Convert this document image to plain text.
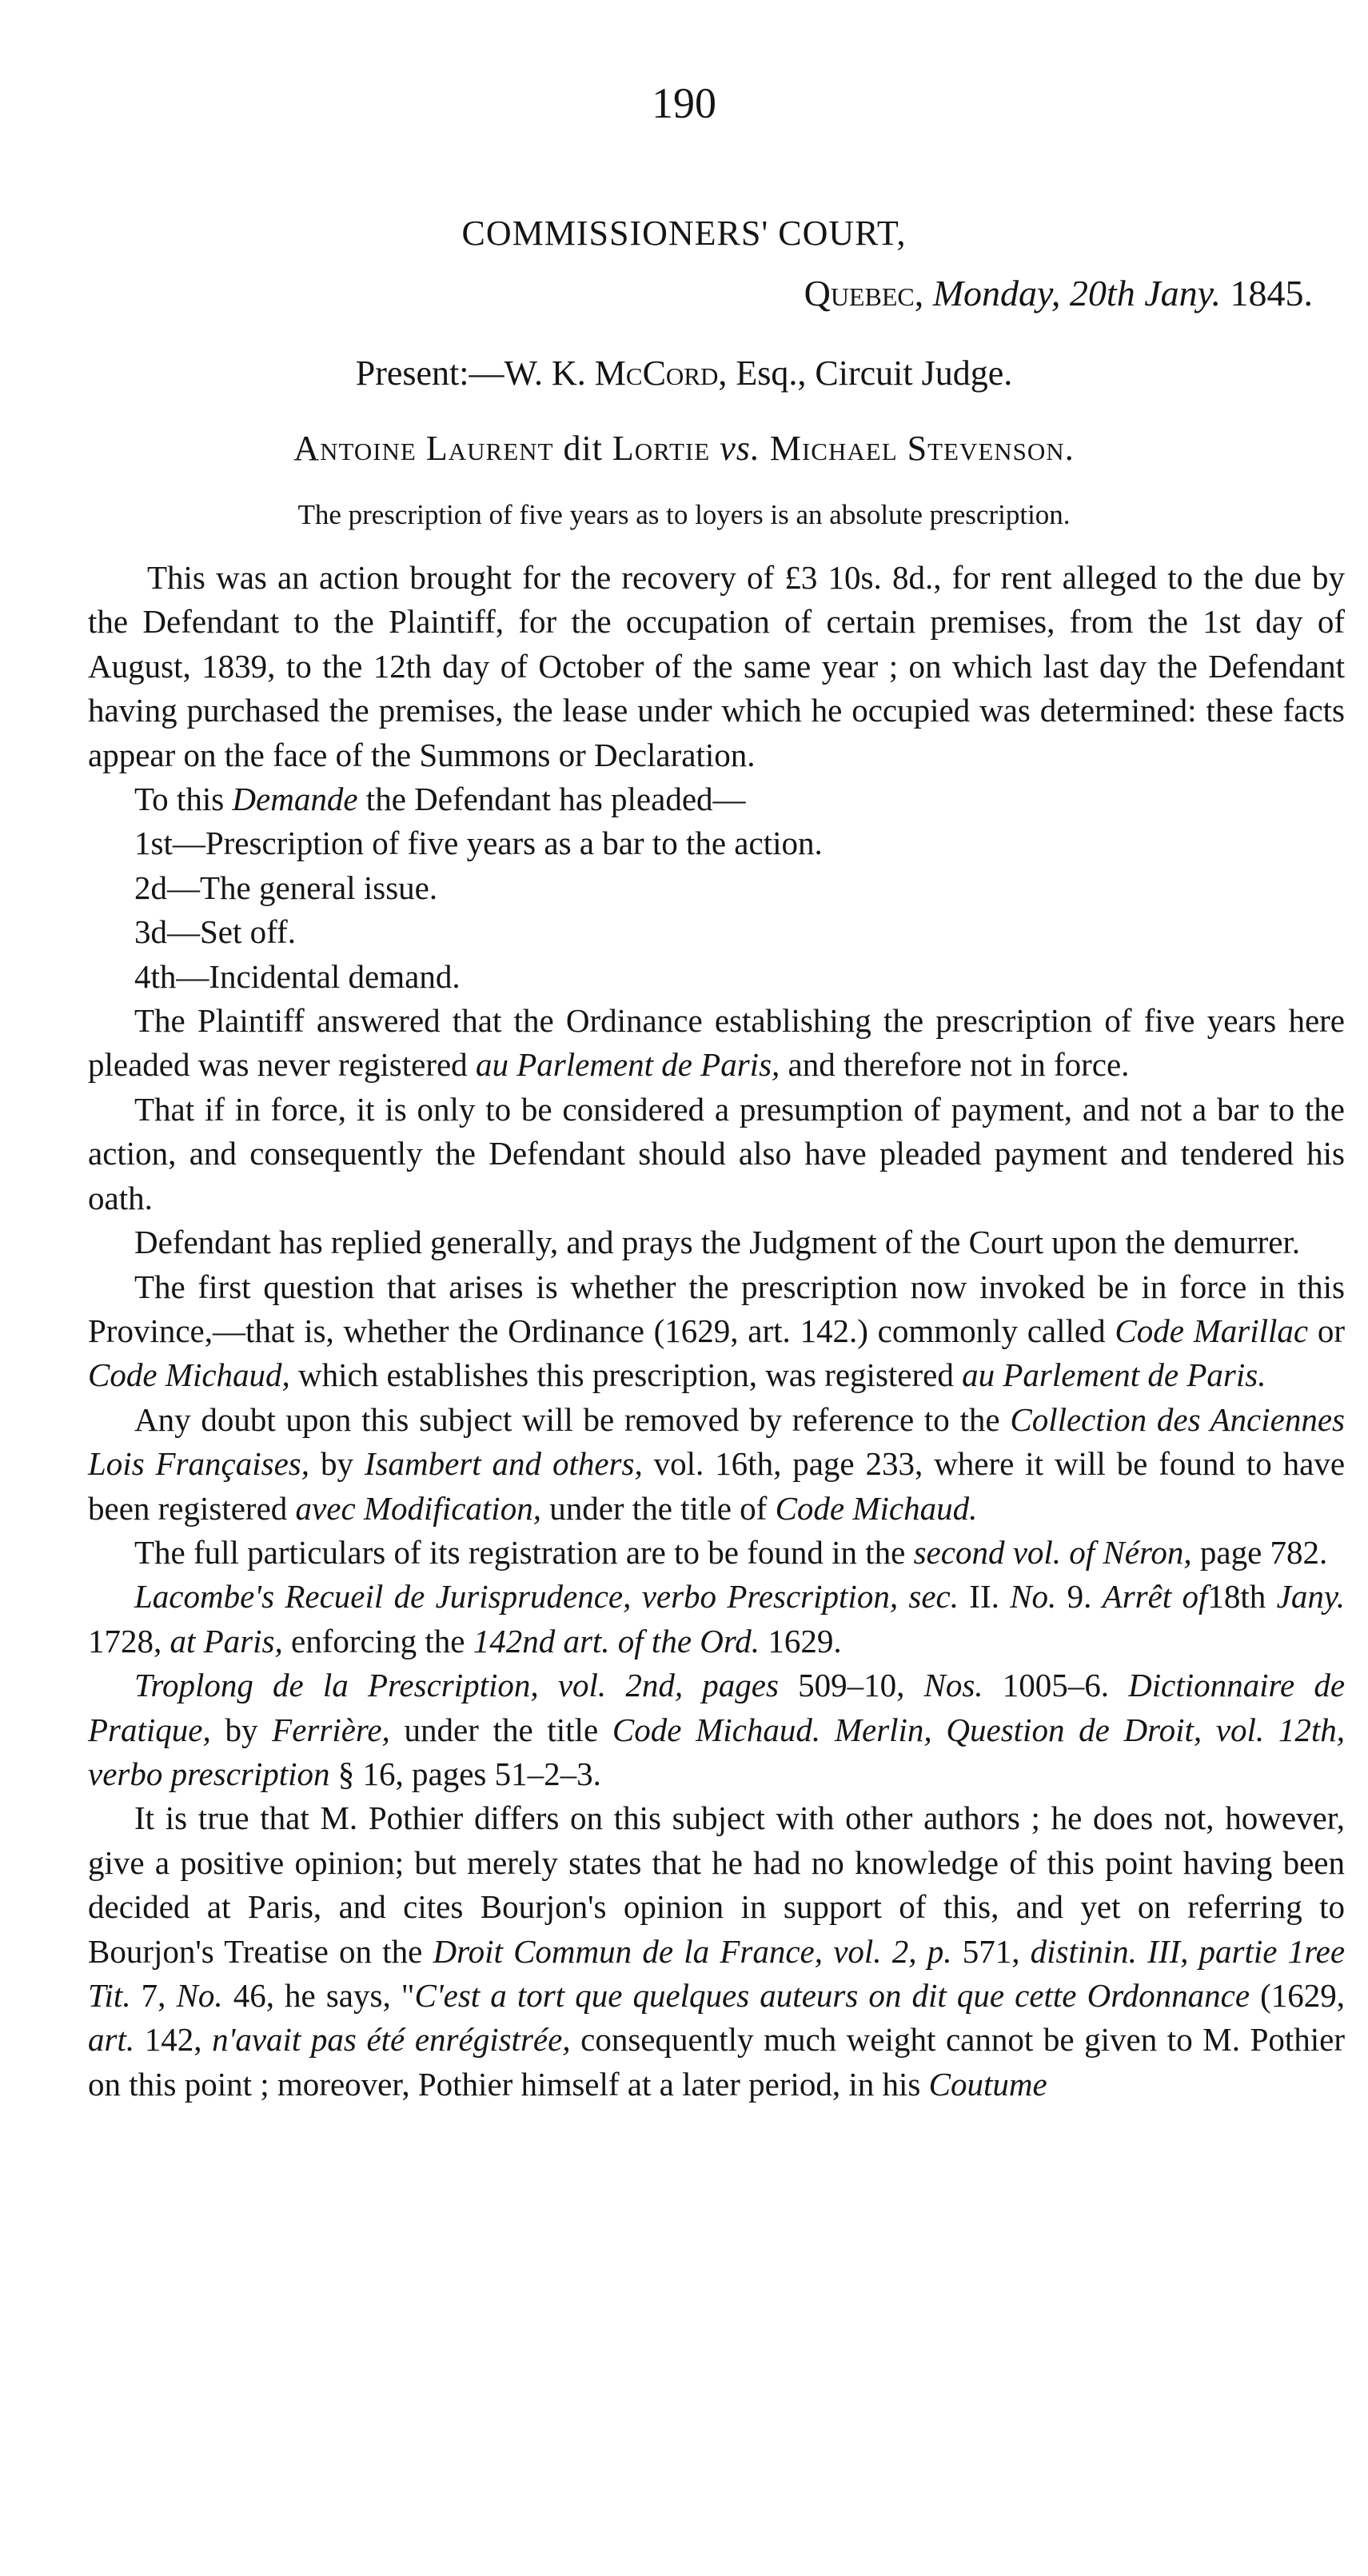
190
COMMISSIONERS' COURT,
Quebec, Monday, 20th Jany. 1845.
Present:—W. K. McCord, Esq., Circuit Judge.
Antoine Laurent dit Lortie vs. Michael Stevenson.
The prescription of five years as to loyers is an absolute prescription.

This was an action brought for the recovery of £3 10s. 8d., for rent alleged to the due by the Defendant to the Plaintiff, for the occupation of certain premises, from the 1st day of August, 1839, to the 12th day of October of the same year ; on which last day the Defendant having purchased the premises, the lease under which he occupied was determined: these facts appear on the face of the Summons or Declaration.

To this Demande the Defendant has pleaded—

1st—Prescription of five years as a bar to the action.

2d—The general issue.

3d—Set off.

4th—Incidental demand.

The Plaintiff answered that the Ordinance establishing the prescription of five years here pleaded was never registered au Parlement de Paris, and therefore not in force.

That if in force, it is only to be considered a presumption of payment, and not a bar to the action, and consequently the Defendant should also have pleaded payment and tendered his oath.

Defendant has replied generally, and prays the Judgment of the Court upon the demurrer.

The first question that arises is whether the prescription now invoked be in force in this Province,—that is, whether the Ordinance (1629, art. 142.) commonly called Code Marillac or Code Michaud, which establishes this prescription, was registered au Parlement de Paris.

Any doubt upon this subject will be removed by reference to the Collection des Anciennes Lois Françaises, by Isambert and others, vol. 16th, page 233, where it will be found to have been registered avec Modification, under the title of Code Michaud.

The full particulars of its registration are to be found in the second vol. of Néron, page 782.

Lacombe's Recueil de Jurisprudence, verbo Prescription, sec. II. No. 9. Arrêt of18th Jany. 1728, at Paris, enforcing the 142nd art. of the Ord. 1629.

Troplong de la Prescription, vol. 2nd, pages 509–10, Nos. 1005–6. Dictionnaire de Pratique, by Ferrière, under the title Code Michaud. Merlin, Question de Droit, vol. 12th, verbo prescription § 16, pages 51–2–3.

It is true that M. Pothier differs on this subject with other authors ; he does not, however, give a positive opinion; but merely states that he had no knowledge of this point having been decided at Paris, and cites Bourjon's opinion in support of this, and yet on referring to Bourjon's Treatise on the Droit Commun de la France, vol. 2, p. 571, distinin. III, partie 1ree Tit. 7, No. 46, he says, "C'est a tort que quelques auteurs on dit que cette Ordonnance (1629, art. 142, n'avait pas été enrégistrée, consequently much weight cannot be given to M. Pothier on this point ; moreover, Pothier himself at a later period, in his Coutume
